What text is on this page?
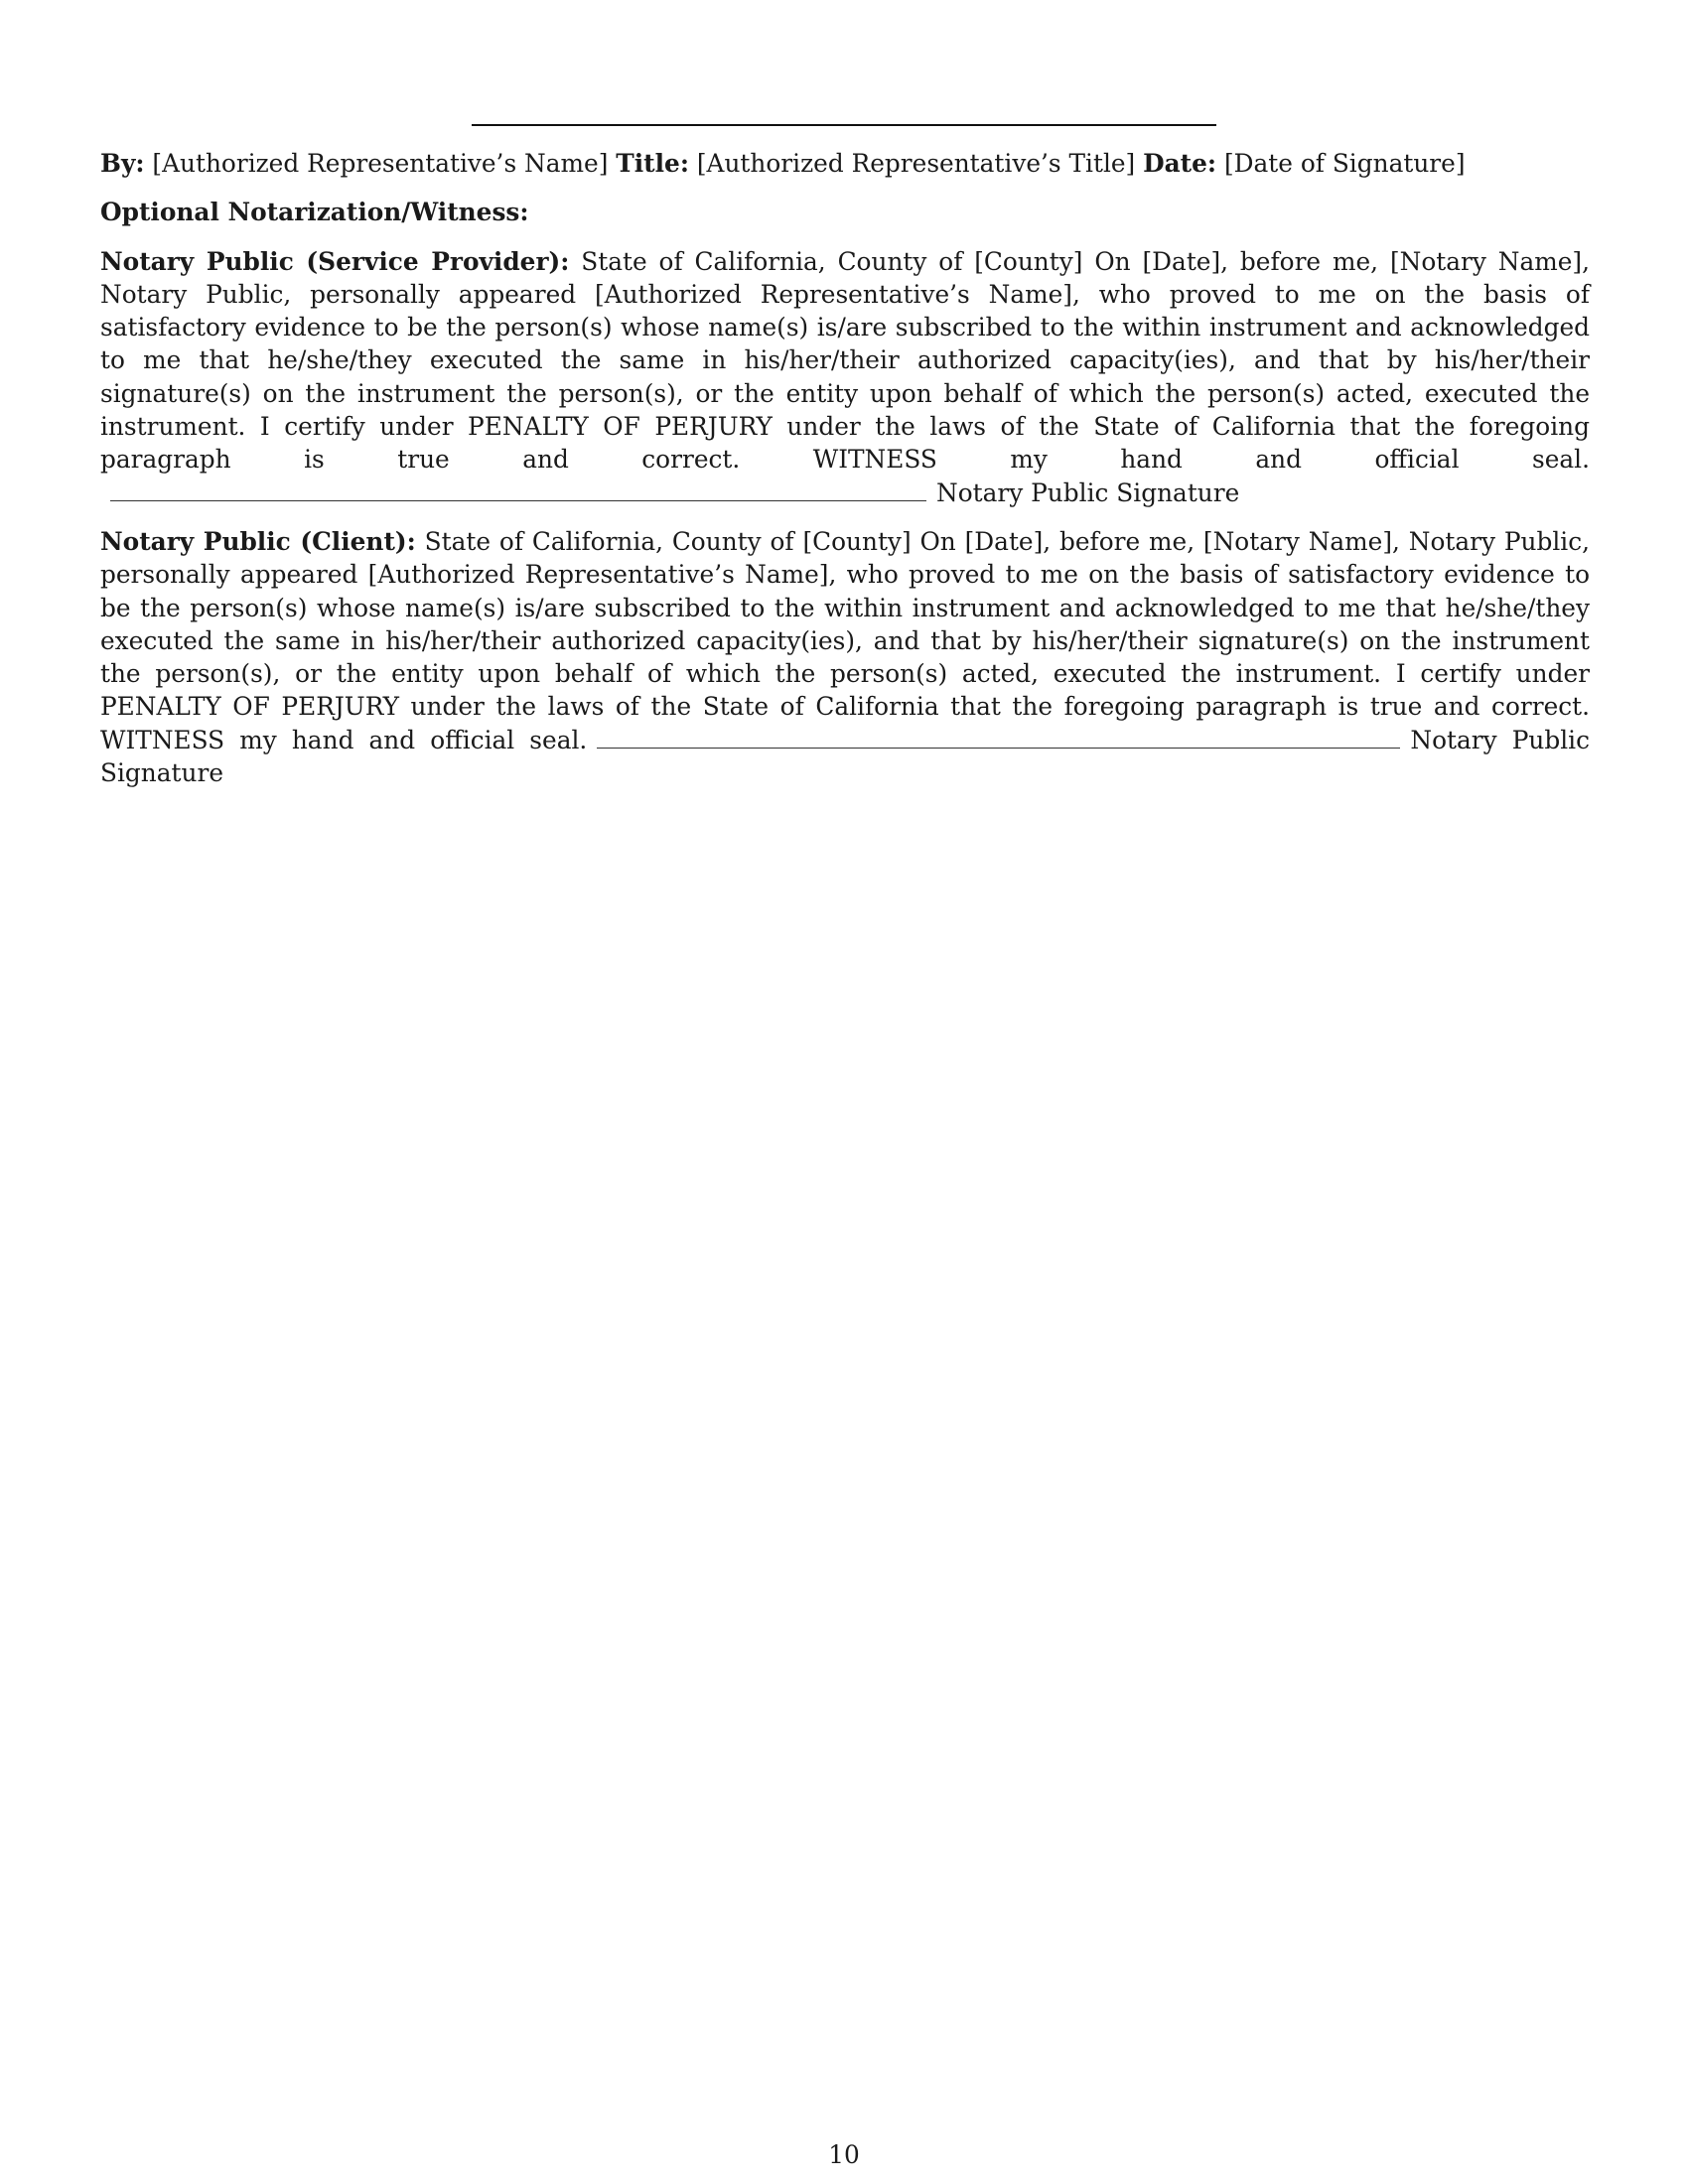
By: [Authorized Representative’s Name] Title: [Authorized Representative’s Title] Date: [Date of Signature]

Optional Notarization/Witness:

Notary Public (Service Provider): State of California, County of [County] On [Date], before me, [Notary Name], Notary Public, personally appeared [Authorized Representative’s Name], who proved to me on the basis of satisfactory evidence to be the person(s) whose name(s) is/are subscribed to the within instrument and acknowledged to me that he/she/they executed the same in his/her/their authorized capacity(ies), and that by his/her/their signature(s) on the instrument the person(s), or the entity upon behalf of which the person(s) acted, executed the instrument. I certify under PENALTY OF PERJURY under the laws of the State of California that the foregoing paragraph is true and correct. WITNESS my hand and official seal.Notary Public Signature

Notary Public (Client): State of California, County of [County] On [Date], before me, [Notary Name], Notary Public, personally appeared [Authorized Representative’s Name], who proved to me on the basis of satisfactory evidence to be the person(s) whose name(s) is/are subscribed to the within instrument and acknowledged to me that he/she/they executed the same in his/her/their authorized capacity(ies), and that by his/her/their signature(s) on the instrument the person(s), or the entity upon behalf of which the person(s) acted, executed the instrument. I certify under PENALTY OF PERJURY under the laws of the State of California that the foregoing paragraph is true and correct. WITNESS my hand and official seal.	Notary Public Signature

10
